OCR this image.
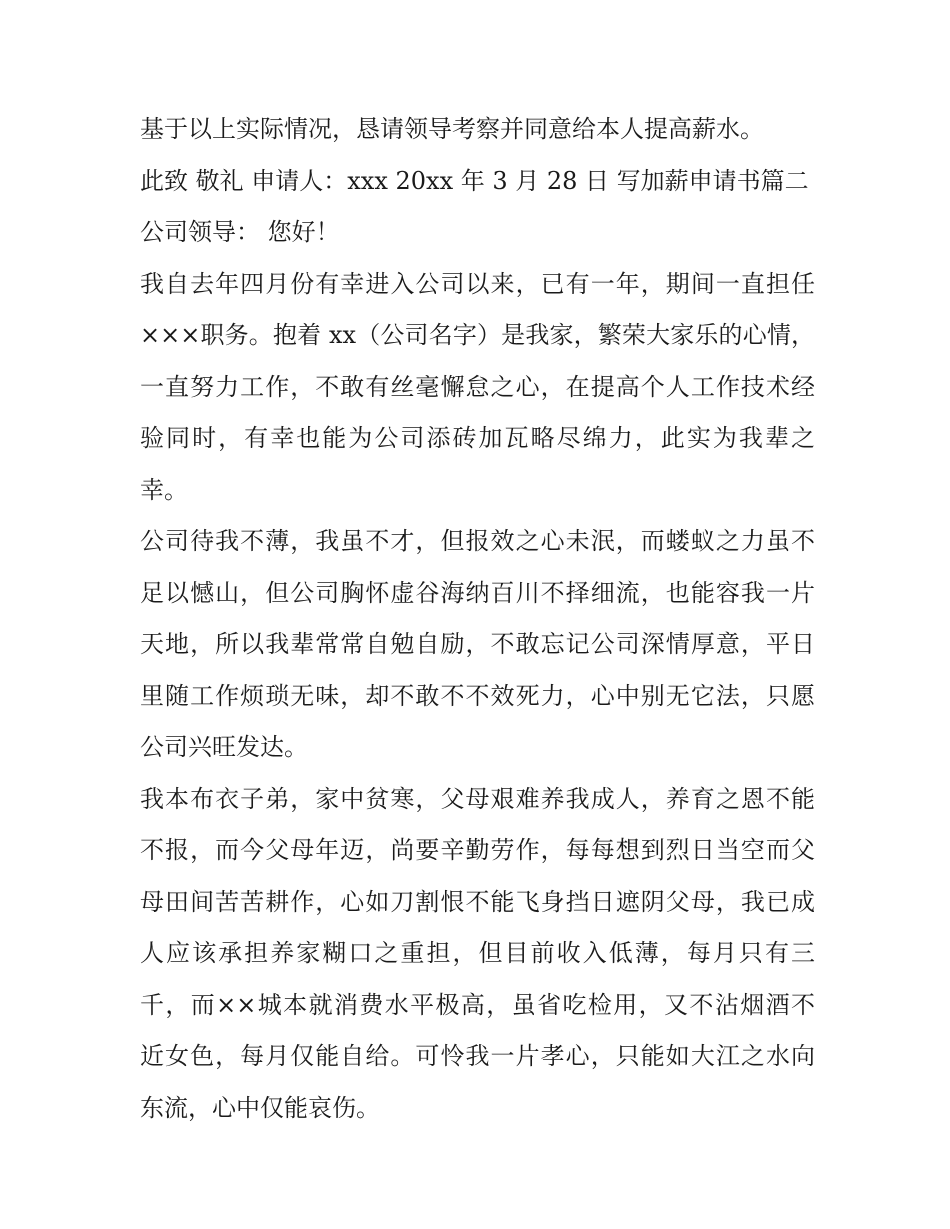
基于以上实际情况，恳请领导考察并同意给本人提高薪水。
此致 敬礼 申请人：xxx 20xx 年 3 月 28 日 写加薪申请书篇二
公司领导： 您好！
我自去年四月份有幸进入公司以来，已有一年，期间一直担任
×××职务。抱着 xx（公司名字）是我家，繁荣大家乐的心情，
一直努力工作，不敢有丝毫懈怠之心，在提高个人工作技术经
验同时，有幸也能为公司添砖加瓦略尽绵力，此实为我辈之
幸。
公司待我不薄，我虽不才，但报效之心未泯，而蝼蚁之力虽不
足以憾山，但公司胸怀虚谷海纳百川不择细流，也能容我一片
天地，所以我辈常常自勉自励，不敢忘记公司深情厚意，平日
里随工作烦琐无味，却不敢不不效死力，心中别无它法，只愿
公司兴旺发达。
我本布衣子弟，家中贫寒，父母艰难养我成人，养育之恩不能
不报，而今父母年迈，尚要辛勤劳作，每每想到烈日当空而父
母田间苦苦耕作，心如刀割恨不能飞身挡日遮阴父母，我已成
人应该承担养家糊口之重担，但目前收入低薄，每月只有三
千，而××城本就消费水平极高，虽省吃检用，又不沾烟酒不
近女色，每月仅能自给。可怜我一片孝心，只能如大江之水向
东流，心中仅能哀伤。
